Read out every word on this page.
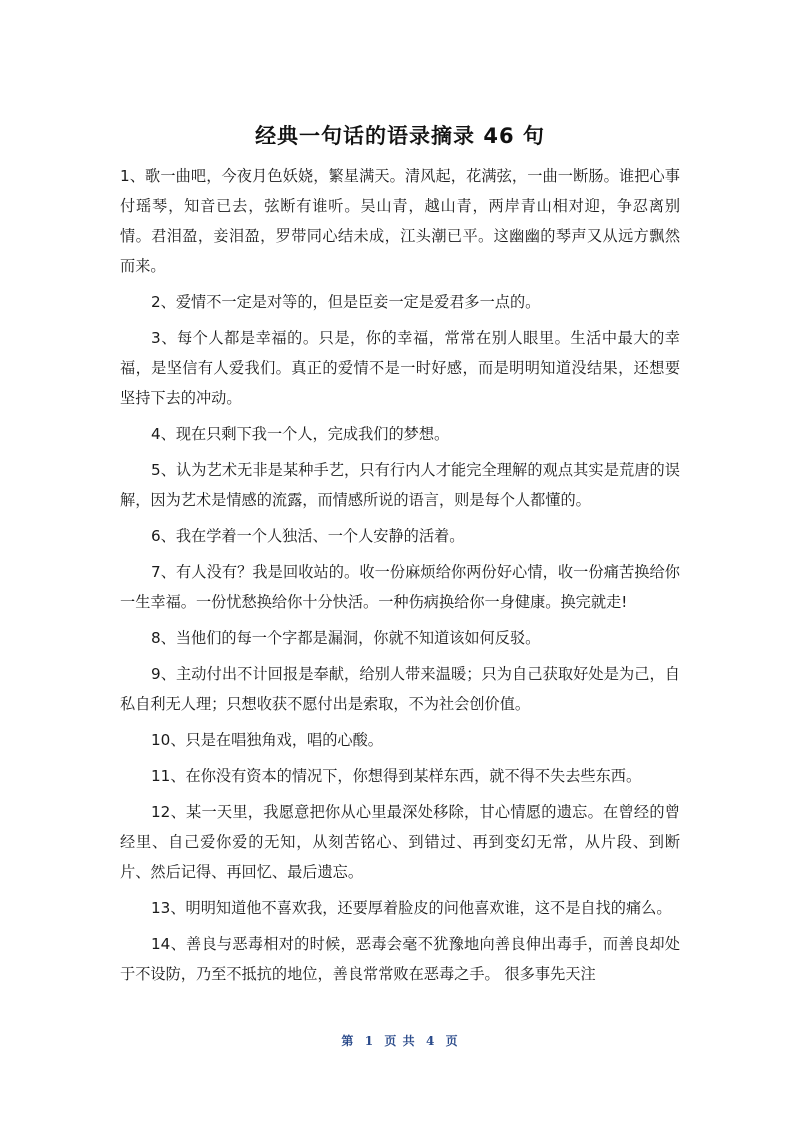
经典一句话的语录摘录 46 句

1、歌一曲吧，今夜月色妖娆，繁星满天。清风起，花满弦，一曲一断肠。谁把心事付瑶琴，知音已去，弦断有谁听。吴山青，越山青，两岸青山相对迎，争忍离别情。君泪盈，妾泪盈，罗带同心结未成，江头潮已平。这幽幽的琴声又从远方飘然而来。

2、爱情不一定是对等的，但是臣妾一定是爱君多一点的。

3、每个人都是幸福的。只是，你的幸福，常常在别人眼里。生活中最大的幸福，是坚信有人爱我们。真正的爱情不是一时好感，而是明明知道没结果，还想要坚持下去的冲动。

4、现在只剩下我一个人，完成我们的梦想。

5、认为艺术无非是某种手艺，只有行内人才能完全理解的观点其实是荒唐的误解，因为艺术是情感的流露，而情感所说的语言，则是每个人都懂的。

6、我在学着一个人独活、一个人安静的活着。

7、有人没有？我是回收站的。收一份麻烦给你两份好心情，收一份痛苦换给你一生幸福。一份忧愁换给你十分快活。一种伤病换给你一身健康。换完就走!

8、当他们的每一个字都是漏洞，你就不知道该如何反驳。

9、主动付出不计回报是奉献，给别人带来温暖；只为自己获取好处是为己，自私自利无人理；只想收获不愿付出是索取，不为社会创价值。

10、只是在唱独角戏，唱的心酸。

11、在你没有资本的情况下，你想得到某样东西，就不得不失去些东西。

12、某一天里，我愿意把你从心里最深处移除，甘心情愿的遗忘。在曾经的曾经里、自己爱你爱的无知，从刻苦铭心、到错过、再到变幻无常，从片段、到断片、然后记得、再回忆、最后遗忘。

13、明明知道他不喜欢我，还要厚着脸皮的问他喜欢谁，这不是自找的痛么。

14、善良与恶毒相对的时候，恶毒会毫不犹豫地向善良伸出毒手，而善良却处于不设防，乃至不抵抗的地位，善良常常败在恶毒之手。 很多事先天注

第  1  页 共  4  页
